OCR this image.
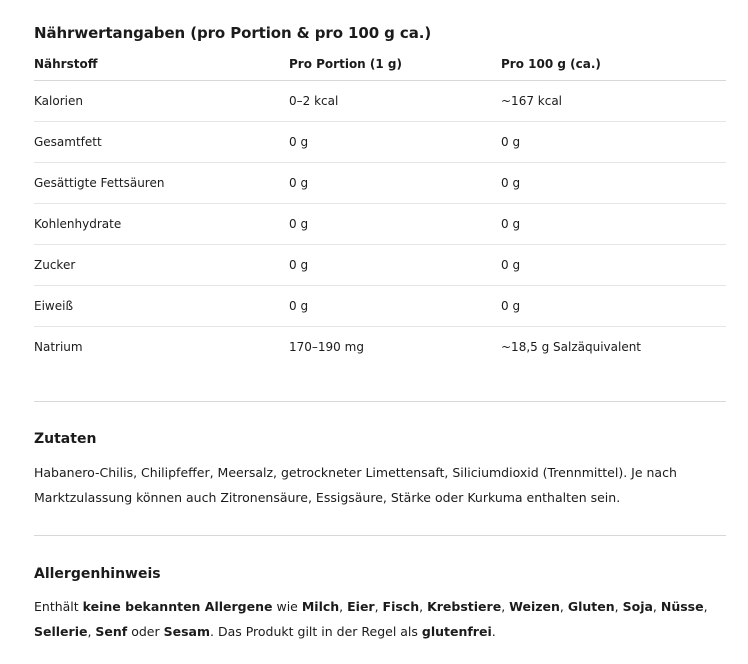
Nährwertangaben (pro Portion & pro 100 g ca.)
Nährstoff	Pro Portion (1 g)	Pro 100 g (ca.)
Kalorien	0–2 kcal	~167 kcal
Gesamtfett	0 g	0 g
Gesättigte Fettsäuren	0 g	0 g
Kohlenhydrate	0 g	0 g
Zucker	0 g	0 g
Eiweiß	0 g	0 g
Natrium	170–190 mg	~18,5 g Salzäquivalent
Zutaten
Habanero-Chilis, Chilipfeffer, Meersalz, getrockneter Limettensaft, Siliciumdioxid (Trennmittel). Je nach Marktzulassung können auch Zitronensäure, Essigsäure, Stärke oder Kurkuma enthalten sein.
Allergenhinweis
Enthält keine bekannten Allergene wie Milch, Eier, Fisch, Krebstiere, Weizen, Gluten, Soja, Nüsse, Sellerie, Senf oder Sesam. Das Produkt gilt in der Regel als glutenfrei.
